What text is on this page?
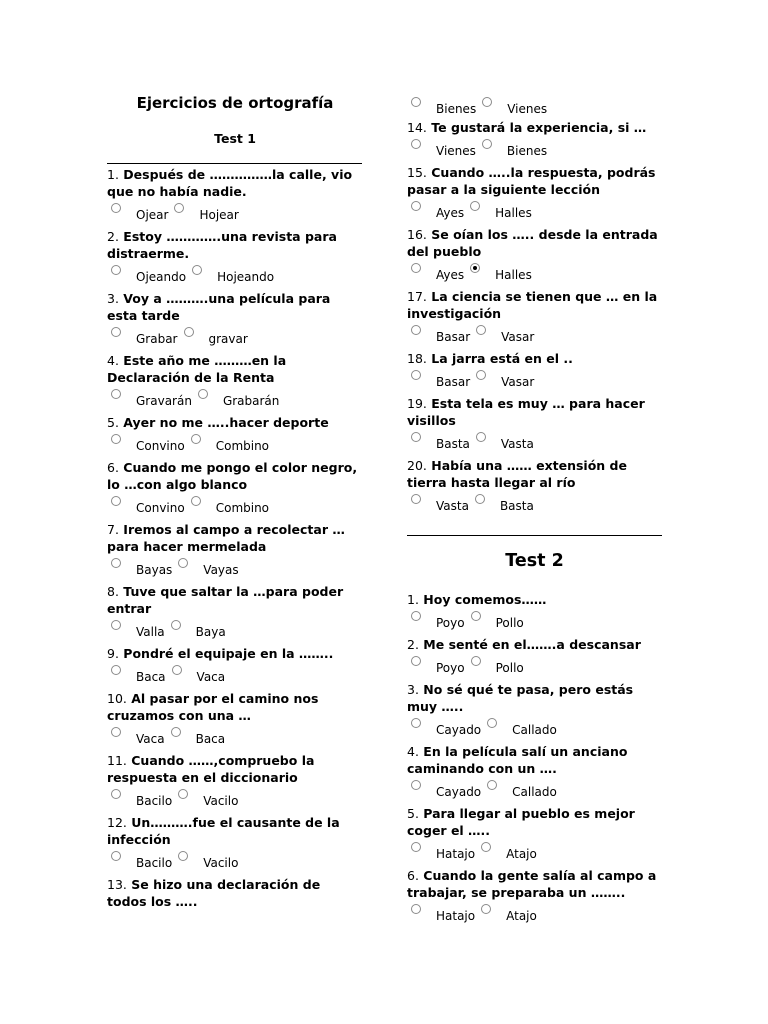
Ejercicios de ortografía
Test 1
1. Después de ……………la calle, vio que no había nadie.
Ojear	Hojear
2. Estoy ………….una revista para distraerme.
Ojeando	Hojeando
3. Voy a ……….una película para esta tarde
Grabar	gravar
4. Este año me ………en la Declaración de la Renta
Gravarán	Grabarán
5. Ayer no me …..hacer deporte
Convino	Combino
6. Cuando me pongo el color negro, lo …con algo blanco
Convino	Combino
7. Iremos al campo a recolectar … para hacer mermelada
Bayas	Vayas
8. Tuve que saltar la …para poder entrar
Valla	Baya
9. Pondré el equipaje en la ……..
Baca	Vaca
10. Al pasar por el camino nos cruzamos con una …
Vaca	Baca
11. Cuando ……,compruebo la respuesta en el diccionario
Bacilo	Vacilo
12. Un……….fue el causante de la infección
Bacilo	Vacilo
13. Se hizo una declaración de todos los …..
Bienes	Vienes
14. Te gustará la experiencia, si …
Vienes	Bienes
15. Cuando …..la respuesta, podrás pasar a la siguiente lección
Ayes	Halles
16. Se oían los ….. desde la entrada del pueblo
Ayes	Halles
17. La ciencia se tienen que … en la investigación
Basar	Vasar
18. La jarra está en el ..
Basar	Vasar
19. Esta tela es muy … para hacer visillos
Basta	Vasta
20. Había una …… extensión de tierra hasta llegar al río
Vasta	Basta
Test 2
1. Hoy comemos……
Poyo	Pollo
2. Me senté en el…….a descansar
Poyo	Pollo
3. No sé qué te pasa, pero estás muy …..
Cayado	Callado
4. En la película salí un anciano caminando con un ….
Cayado	Callado
5. Para llegar al pueblo es mejor coger el …..
Hatajo	Atajo
6. Cuando la gente salía al campo a trabajar, se preparaba un ……..
Hatajo	Atajo
